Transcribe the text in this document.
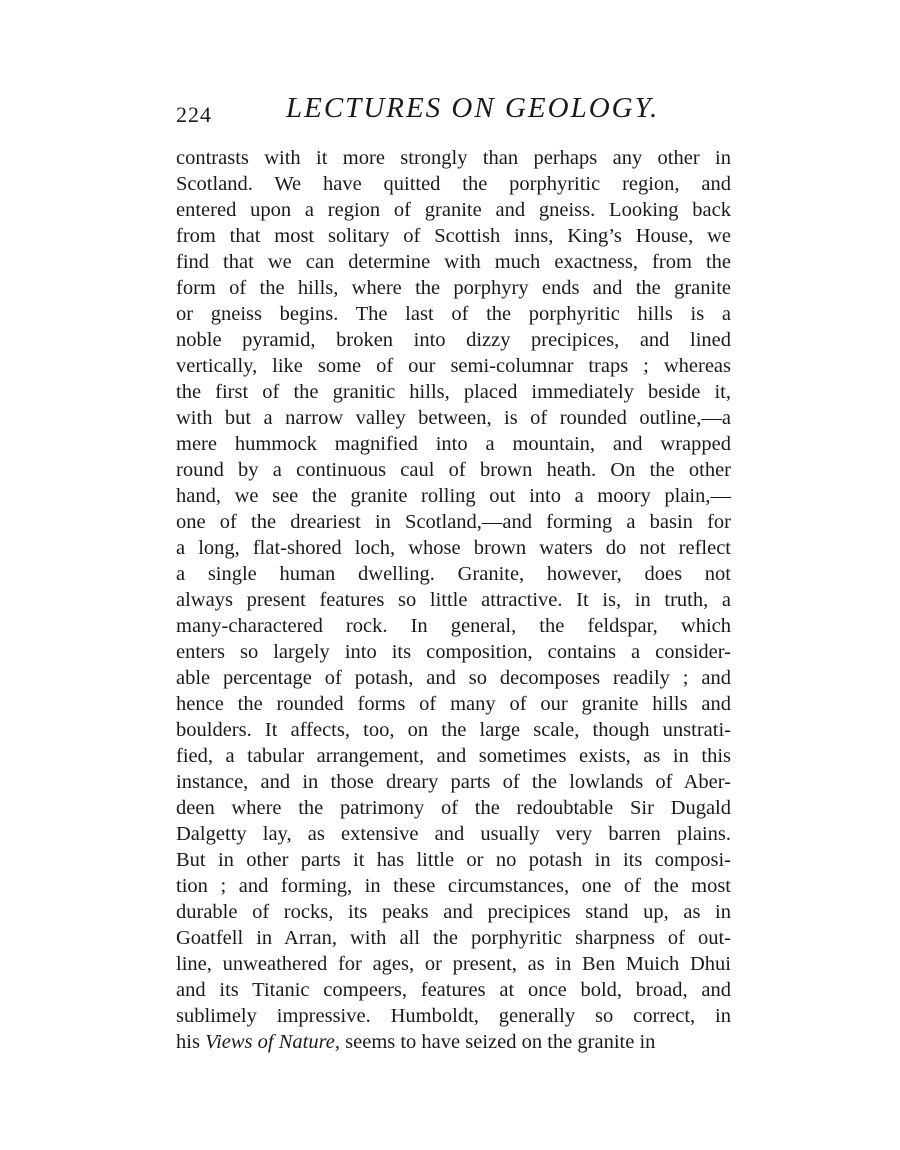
224	LECTURES ON GEOLOGY.
contrasts with it more strongly than perhaps any other in
Scotland. We have quitted the porphyritic region, and
entered upon a region of granite and gneiss. Looking back
from that most solitary of Scottish inns, King’s House, we
find that we can determine with much exactness, from the
form of the hills, where the porphyry ends and the granite
or gneiss begins. The last of the porphyritic hills is a
noble pyramid, broken into dizzy precipices, and lined
vertically, like some of our semi-columnar traps ; whereas
the first of the granitic hills, placed immediately beside it,
with but a narrow valley between, is of rounded outline,—a
mere hummock magnified into a mountain, and wrapped
round by a continuous caul of brown heath. On the other
hand, we see the granite rolling out into a moory plain,—
one of the dreariest in Scotland,—and forming a basin for
a long, flat-shored loch, whose brown waters do not reflect
a single human dwelling. Granite, however, does not
always present features so little attractive. It is, in truth, a
many-charactered rock. In general, the feldspar, which
enters so largely into its composition, contains a consider-
able percentage of potash, and so decomposes readily ; and
hence the rounded forms of many of our granite hills and
boulders. It affects, too, on the large scale, though unstrati-
fied, a tabular arrangement, and sometimes exists, as in this
instance, and in those dreary parts of the lowlands of Aber-
deen where the patrimony of the redoubtable Sir Dugald
Dalgetty lay, as extensive and usually very barren plains.
But in other parts it has little or no potash in its composi-
tion ; and forming, in these circumstances, one of the most
durable of rocks, its peaks and precipices stand up, as in
Goatfell in Arran, with all the porphyritic sharpness of out-
line, unweathered for ages, or present, as in Ben Muich Dhui
and its Titanic compeers, features at once bold, broad, and
sublimely impressive. Humboldt, generally so correct, in
his Views of Nature, seems to have seized on the granite in
